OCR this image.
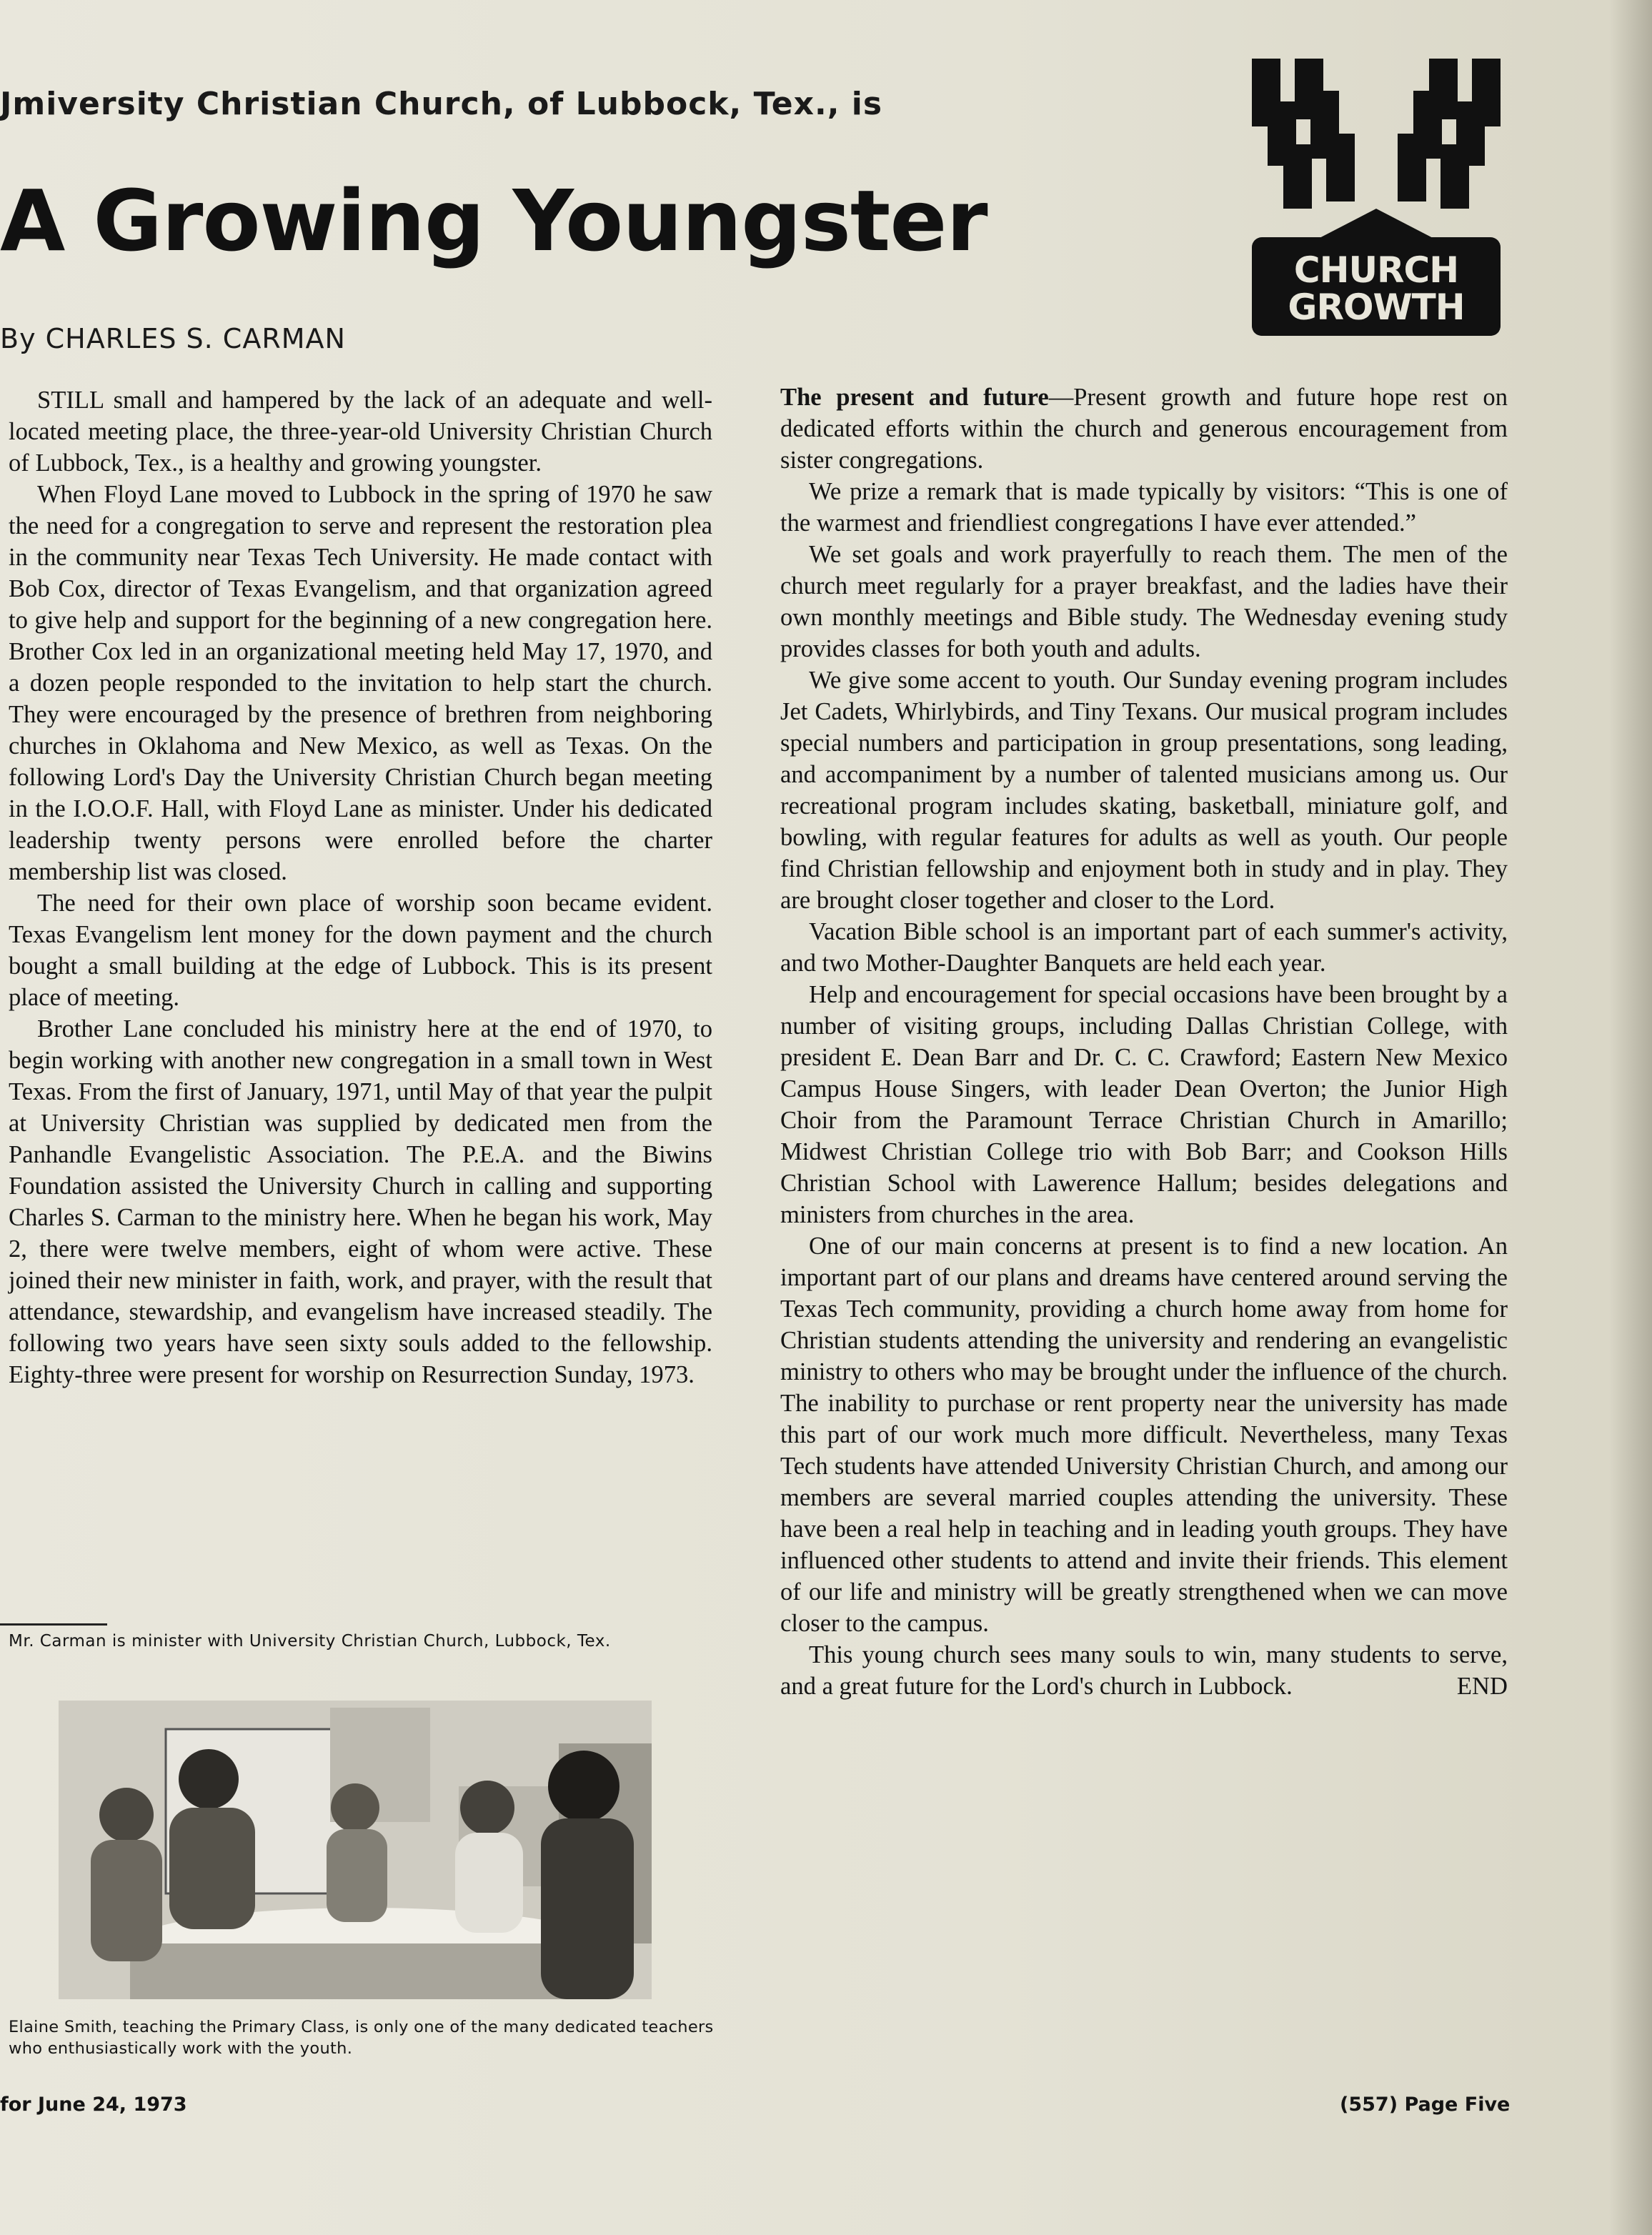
Jmiversity Christian Church, of Lubbock, Tex., is
A Growing Youngster
By CHARLES S. CARMAN
CHURCH
GROWTH

STILL small and hampered by the lack of an adequate and well-located meeting place, the three-year-old University Christian Church of Lubbock, Tex., is a healthy and growing youngster.

When Floyd Lane moved to Lubbock in the spring of 1970 he saw the need for a congregation to serve and represent the restoration plea in the community near Texas Tech University. He made contact with Bob Cox, director of Texas Evangelism, and that organization agreed to give help and support for the beginning of a new congregation here. Brother Cox led in an organizational meeting held May 17, 1970, and a dozen people responded to the invitation to help start the church. They were encouraged by the presence of brethren from neighboring churches in Oklahoma and New Mexico, as well as Texas. On the following Lord's Day the University Christian Church began meeting in the I.O.O.F. Hall, with Floyd Lane as minister. Under his dedicated leadership twenty persons were enrolled before the charter membership list was closed.

The need for their own place of worship soon became evident. Texas Evangelism lent money for the down payment and the church bought a small building at the edge of Lubbock. This is its present place of meeting.

Brother Lane concluded his ministry here at the end of 1970, to begin working with another new congregation in a small town in West Texas. From the first of January, 1971, until May of that year the pulpit at University Christian was supplied by dedicated men from the Panhandle Evangelistic Association. The P.E.A. and the Biwins Foundation assisted the University Church in calling and supporting Charles S. Carman to the ministry here. When he began his work, May 2, there were twelve members, eight of whom were active. These joined their new minister in faith, work, and prayer, with the result that attendance, stewardship, and evangelism have increased steadily. The following two years have seen sixty souls added to the fellowship. Eighty-three were present for worship on Resurrection Sunday, 1973.

Mr. Carman is minister with University Christian Church, Lubbock, Tex.
Elaine Smith, teaching the Primary Class, is only one of the many dedicated teachers who enthusiastically work with the youth.

The present and future—Present growth and future hope rest on dedicated efforts within the church and generous encouragement from sister congregations.

We prize a remark that is made typically by visitors: “This is one of the warmest and friendliest congregations I have ever attended.”

We set goals and work prayerfully to reach them. The men of the church meet regularly for a prayer breakfast, and the ladies have their own monthly meetings and Bible study. The Wednesday evening study provides classes for both youth and adults.

We give some accent to youth. Our Sunday evening program includes Jet Cadets, Whirlybirds, and Tiny Texans. Our musical program includes special numbers and participation in group presentations, song leading, and accompaniment by a number of talented musicians among us. Our recreational program includes skating, basketball, miniature golf, and bowling, with regular features for adults as well as youth. Our people find Christian fellowship and enjoyment both in study and in play. They are brought closer together and closer to the Lord.

Vacation Bible school is an important part of each summer's activity, and two Mother-Daughter Banquets are held each year.

Help and encouragement for special occasions have been brought by a number of visiting groups, including Dallas Christian College, with president E. Dean Barr and Dr. C. C. Crawford; Eastern New Mexico Campus House Singers, with leader Dean Overton; the Junior High Choir from the Paramount Terrace Christian Church in Amarillo; Midwest Christian College trio with Bob Barr; and Cookson Hills Christian School with Lawerence Hallum; besides delegations and ministers from churches in the area.

One of our main concerns at present is to find a new location. An important part of our plans and dreams have centered around serving the Texas Tech community, providing a church home away from home for Christian students attending the university and rendering an evangelistic ministry to others who may be brought under the influence of the church. The inability to purchase or rent property near the university has made this part of our work much more difficult. Nevertheless, many Texas Tech students have attended University Christian Church, and among our members are several married couples attending the university. These have been a real help in teaching and in leading youth groups. They have influenced other students to attend and invite their friends. This element of our life and ministry will be greatly strengthened when we can move closer to the campus.

This young church sees many souls to win, many students to serve, and a great future for the Lord's church in Lubbock.	END

for June 24, 1973	(557) Page Five
